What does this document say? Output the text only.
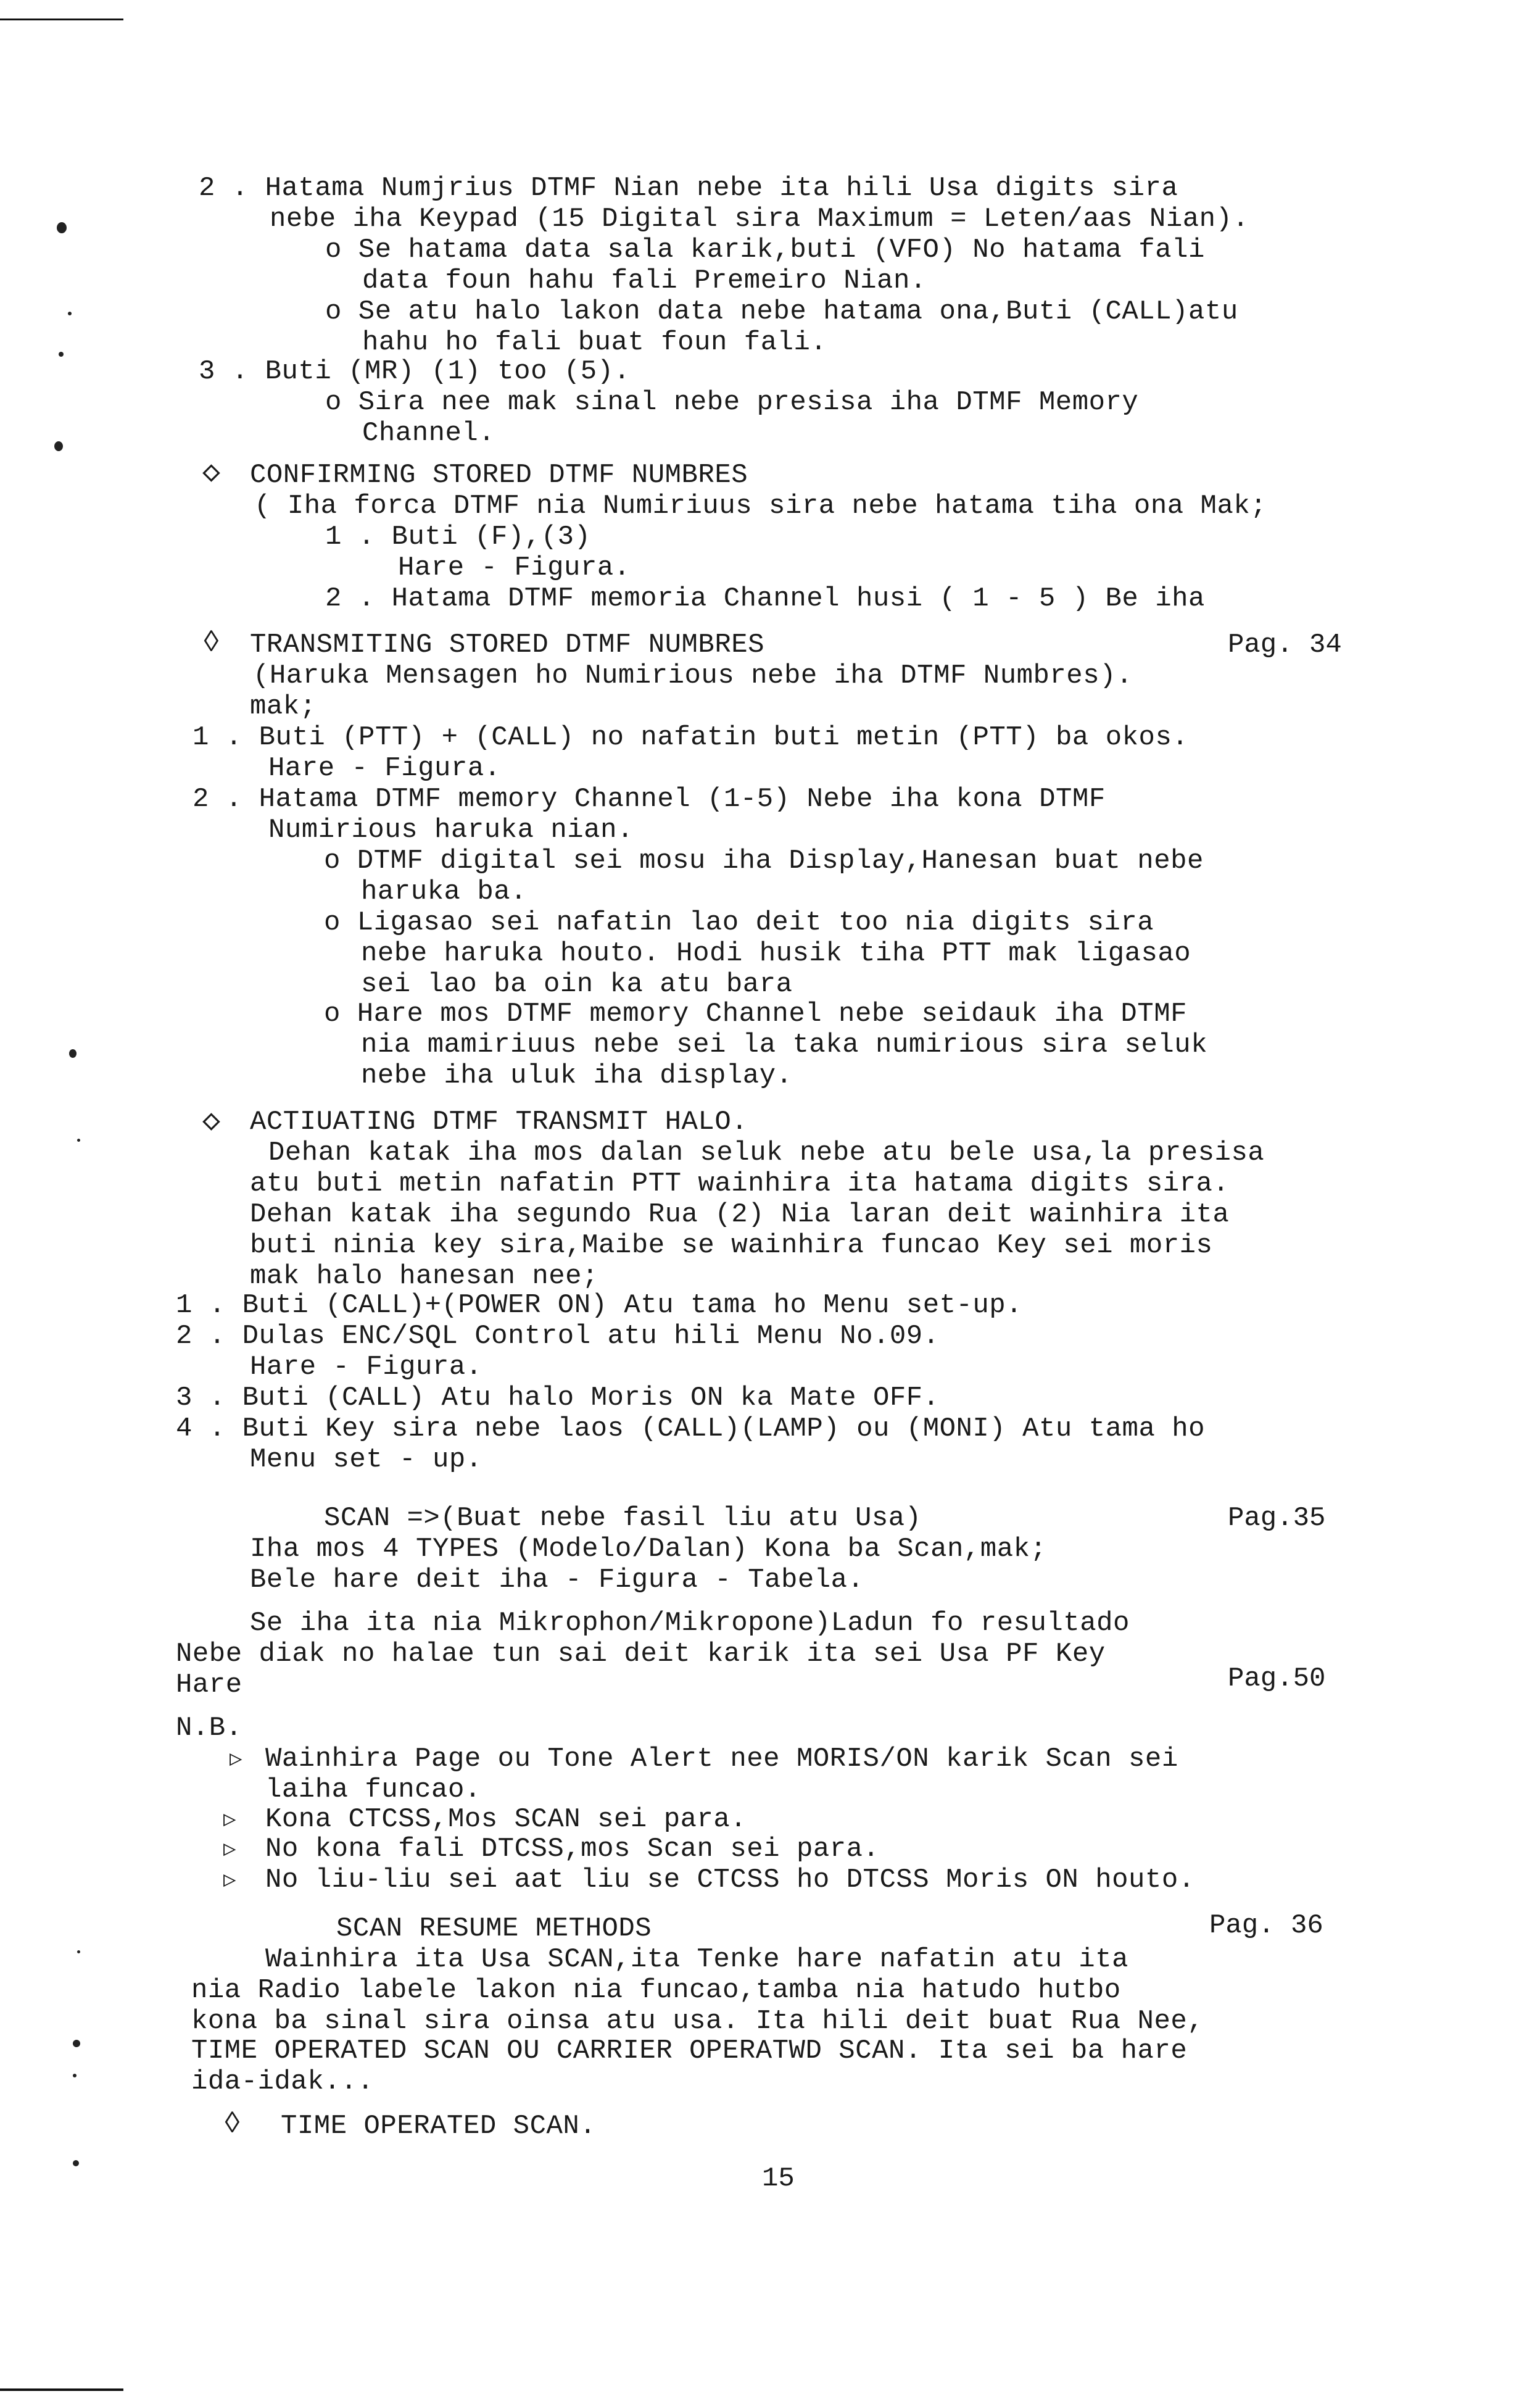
2 . Hatama Numjrius DTMF Nian nebe ita hili Usa digits sira
nebe iha Keypad (15 Digital sira Maximum = Leten/aas Nian).
o Se hatama data sala karik,buti (VFO) No hatama fali
data foun hahu fali Premeiro Nian.
o Se atu halo lakon data nebe hatama ona,Buti (CALL)atu
hahu ho fali buat foun fali.
3 . Buti (MR) (1) too (5).
o Sira nee mak sinal nebe presisa iha DTMF Memory
Channel.
◇ CONFIRMING STORED DTMF NUMBRES
( Iha forca DTMF nia Numiriuus sira nebe hatama tiha ona Mak;
1 . Buti (F),(3)
Hare - Figura.
2 . Hatama DTMF memoria Channel husi ( 1 - 5 ) Be iha
◊ TRANSMITING STORED DTMF NUMBRES	Pag. 34
(Haruka Mensagen ho Numirious nebe iha DTMF Numbres).
mak;
1 . Buti (PTT) + (CALL) no nafatin buti metin (PTT) ba okos.
Hare - Figura.
2 . Hatama DTMF memory Channel (1-5) Nebe iha kona DTMF
Numirious haruka nian.
o DTMF digital sei mosu iha Display,Hanesan buat nebe
haruka ba.
o Ligasao sei nafatin lao deit too nia digits sira
nebe haruka houto. Hodi husik tiha PTT mak ligasao
sei lao ba oin ka atu bara
o Hare mos DTMF memory Channel nebe seidauk iha DTMF
nia mamiriuus nebe sei la taka numirious sira seluk
nebe iha uluk iha display.
◇ ACTIUATING DTMF TRANSMIT HALO.
Dehan katak iha mos dalan seluk nebe atu bele usa,la presisa
atu buti metin nafatin PTT wainhira ita hatama digits sira.
Dehan katak iha segundo Rua (2) Nia laran deit wainhira ita
buti ninia key sira,Maibe se wainhira funcao Key sei moris
mak halo hanesan nee;
1 . Buti (CALL)+(POWER ON) Atu tama ho Menu set-up.
2 . Dulas ENC/SQL Control atu hili Menu No.09.
Hare - Figura.
3 . Buti (CALL) Atu halo Moris ON ka Mate OFF.
4 . Buti Key sira nebe laos (CALL)(LAMP) ou (MONI) Atu tama ho
Menu set - up.
SCAN =>(Buat nebe fasil liu atu Usa)	Pag.35
Iha mos 4 TYPES (Modelo/Dalan) Kona ba Scan,mak;
Bele hare deit iha - Figura - Tabela.
Se iha ita nia Mikrophon/Mikropone)Ladun fo resultado
Nebe diak no halae tun sai deit karik ita sei Usa PF Key
Hare	Pag.50
N.B.
▷ Wainhira Page ou Tone Alert nee MORIS/ON karik Scan sei
laiha funcao.
▷ Kona CTCSS,Mos SCAN sei para.
▷ No kona fali DTCSS,mos Scan sei para.
▷ No liu-liu sei aat liu se CTCSS ho DTCSS Moris ON houto.
SCAN RESUME METHODS	Pag. 36
Wainhira ita Usa SCAN,ita Tenke hare nafatin atu ita
nia Radio labele lakon nia funcao,tamba nia hatudo hutbo
kona ba sinal sira oinsa atu usa. Ita hili deit buat Rua Nee,
TIME OPERATED SCAN OU CARRIER OPERATWD SCAN. Ita sei ba hare
ida-idak...
◊ TIME OPERATED SCAN.
15
